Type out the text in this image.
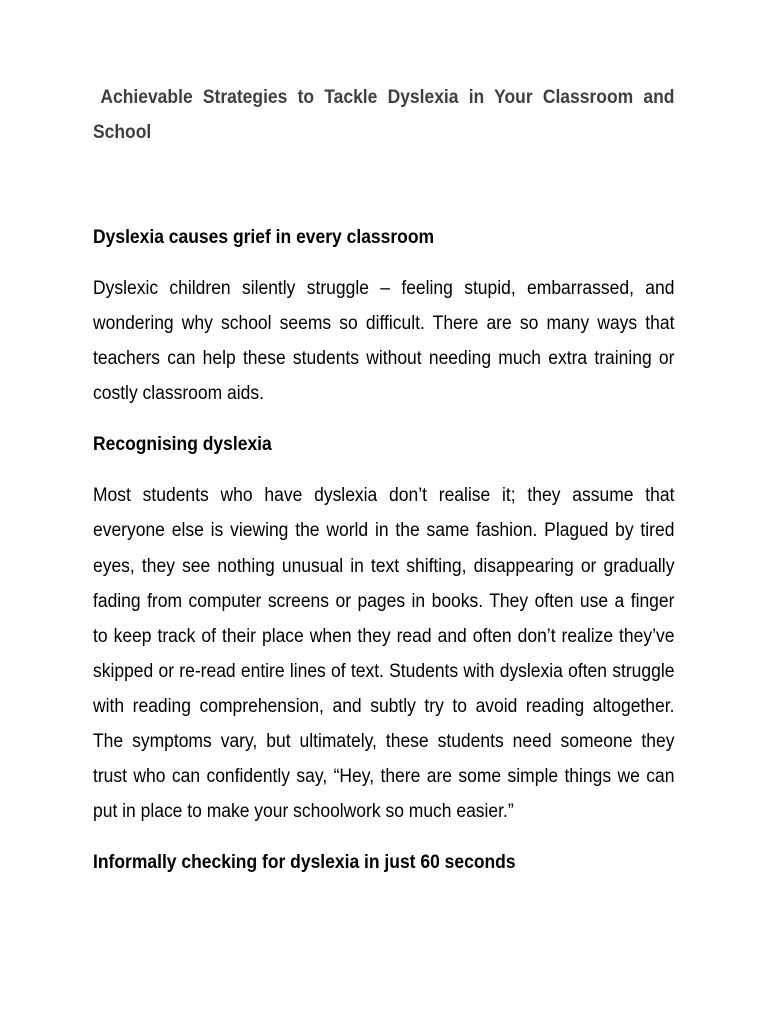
Achievable Strategies to Tackle Dyslexia in Your Classroom and School
Dyslexia causes grief in every classroom

Dyslexic children silently struggle – feeling stupid, embarrassed, and wondering why school seems so difficult. There are so many ways that teachers can help these students without needing much extra training or costly classroom aids.

Recognising dyslexia

Most students who have dyslexia don’t realise it; they assume that everyone else is viewing the world in the same fashion. Plagued by tired eyes, they see nothing unusual in text shifting, disappearing or gradually fading from computer screens or pages in books. They often use a finger to keep track of their place when they read and often don’t realize they’ve skipped or re-read entire lines of text. Students with dyslexia often struggle with reading comprehension, and subtly try to avoid reading altogether. The symptoms vary, but ultimately, these students need someone they trust who can confidently say, “Hey, there are some simple things we can put in place to make your schoolwork so much easier.”

Informally checking for dyslexia in just 60 seconds
